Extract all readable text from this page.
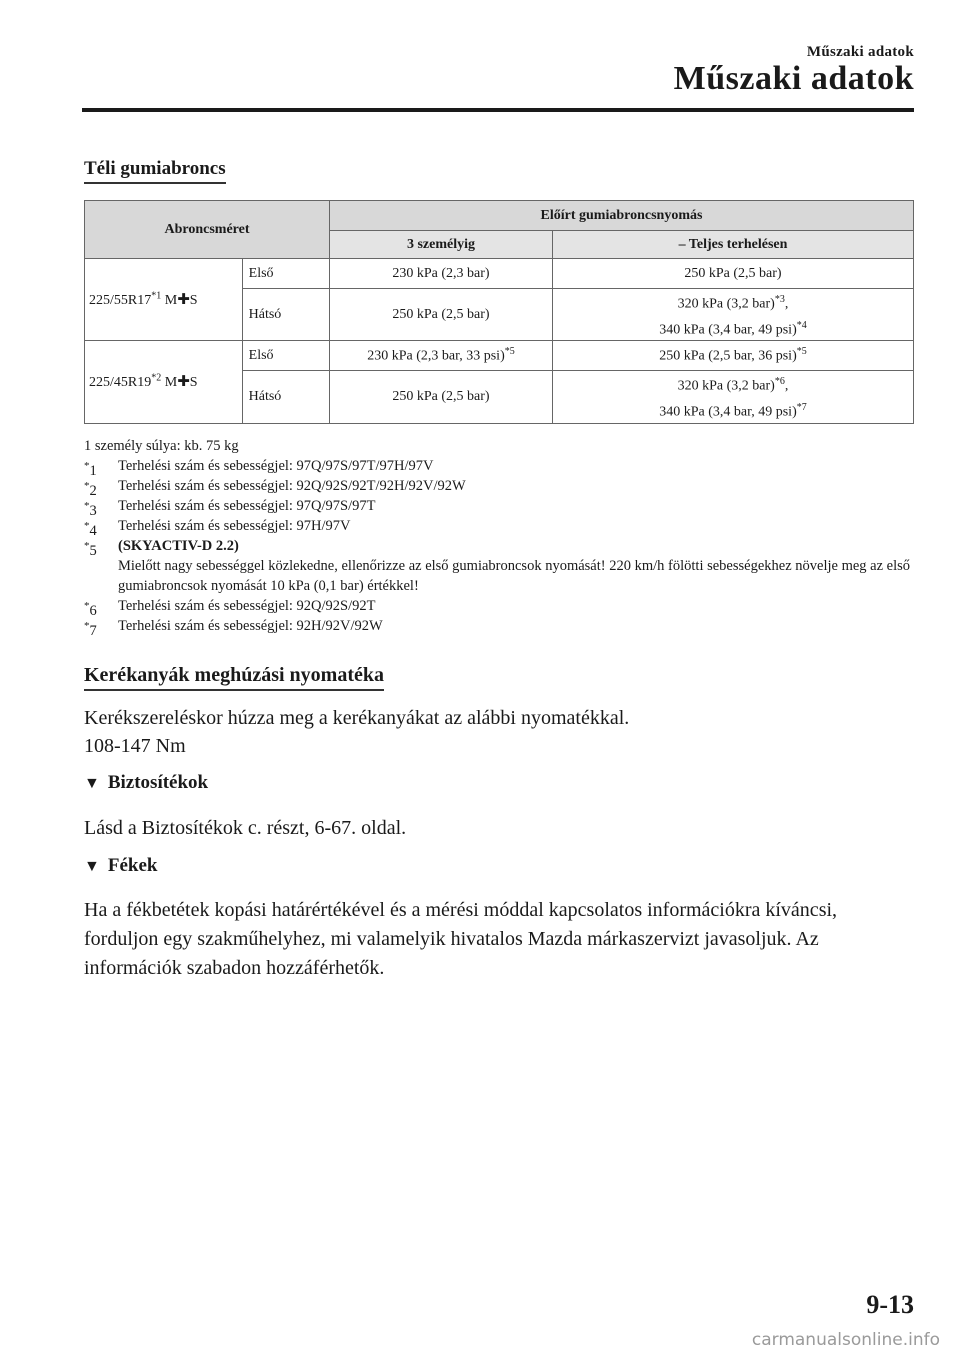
Műszaki adatok
Műszaki adatok
Téli gumiabroncs
Abroncsméret		Előírt gumiabroncsnyomás	
		3 személyig	– Teljes terhelésen
225/55R17$^{*1}$ M✚S	Első	230 kPa (2,3 bar)	250 kPa (2,5 bar)
	Hátsó	250 kPa (2,5 bar)	320 kPa (3,2 bar)$^{*3}$,
340 kPa (3,4 bar, 49 psi)$^{*4}$
225/45R19$^{*2}$ M✚S	Első	230 kPa (2,3 bar, 33 psi)$^{*5}$	250 kPa (2,5 bar, 36 psi)$^{*5}$
	Hátsó	250 kPa (2,5 bar)	320 kPa (3,2 bar)$^{*6}$,
340 kPa (3,4 bar, 49 psi)$^{*7}$
1 személy súlya: kb. 75 kg
*1 Terhelési szám és sebességjel: 97Q/97S/97T/97H/97V
*2 Terhelési szám és sebességjel: 92Q/92S/92T/92H/92V/92W
*3 Terhelési szám és sebességjel: 97Q/97S/97T
*4 Terhelési szám és sebességjel: 97H/97V
*5 (SKYACTIV-D 2.2)
Mielőtt nagy sebességgel közlekedne, ellenőrizze az első gumiabroncsok nyomását! 220 km/h fölötti sebességekhez növelje meg az első gumiabroncsok nyomását 10 kPa (0,1 bar) értékkel!
*6 Terhelési szám és sebességjel: 92Q/92S/92T
*7 Terhelési szám és sebességjel: 92H/92V/92W
Kerékanyák meghúzási nyomatéka
Kerékszereléskor húzza meg a kerékanyákat az alábbi nyomatékkal.
108-147 Nm
▼ Biztosítékok
Lásd a Biztosítékok c. részt, 6-67. oldal.
▼ Fékek
Ha a fékbetétek kopási határértékével és a mérési móddal kapcsolatos információkra kíváncsi, forduljon egy szakműhelyhez, mi valamelyik hivatalos Mazda márkaszervizt javasoljuk. Az információk szabadon hozzáférhetők.
9-13
carmanualsonline.info
